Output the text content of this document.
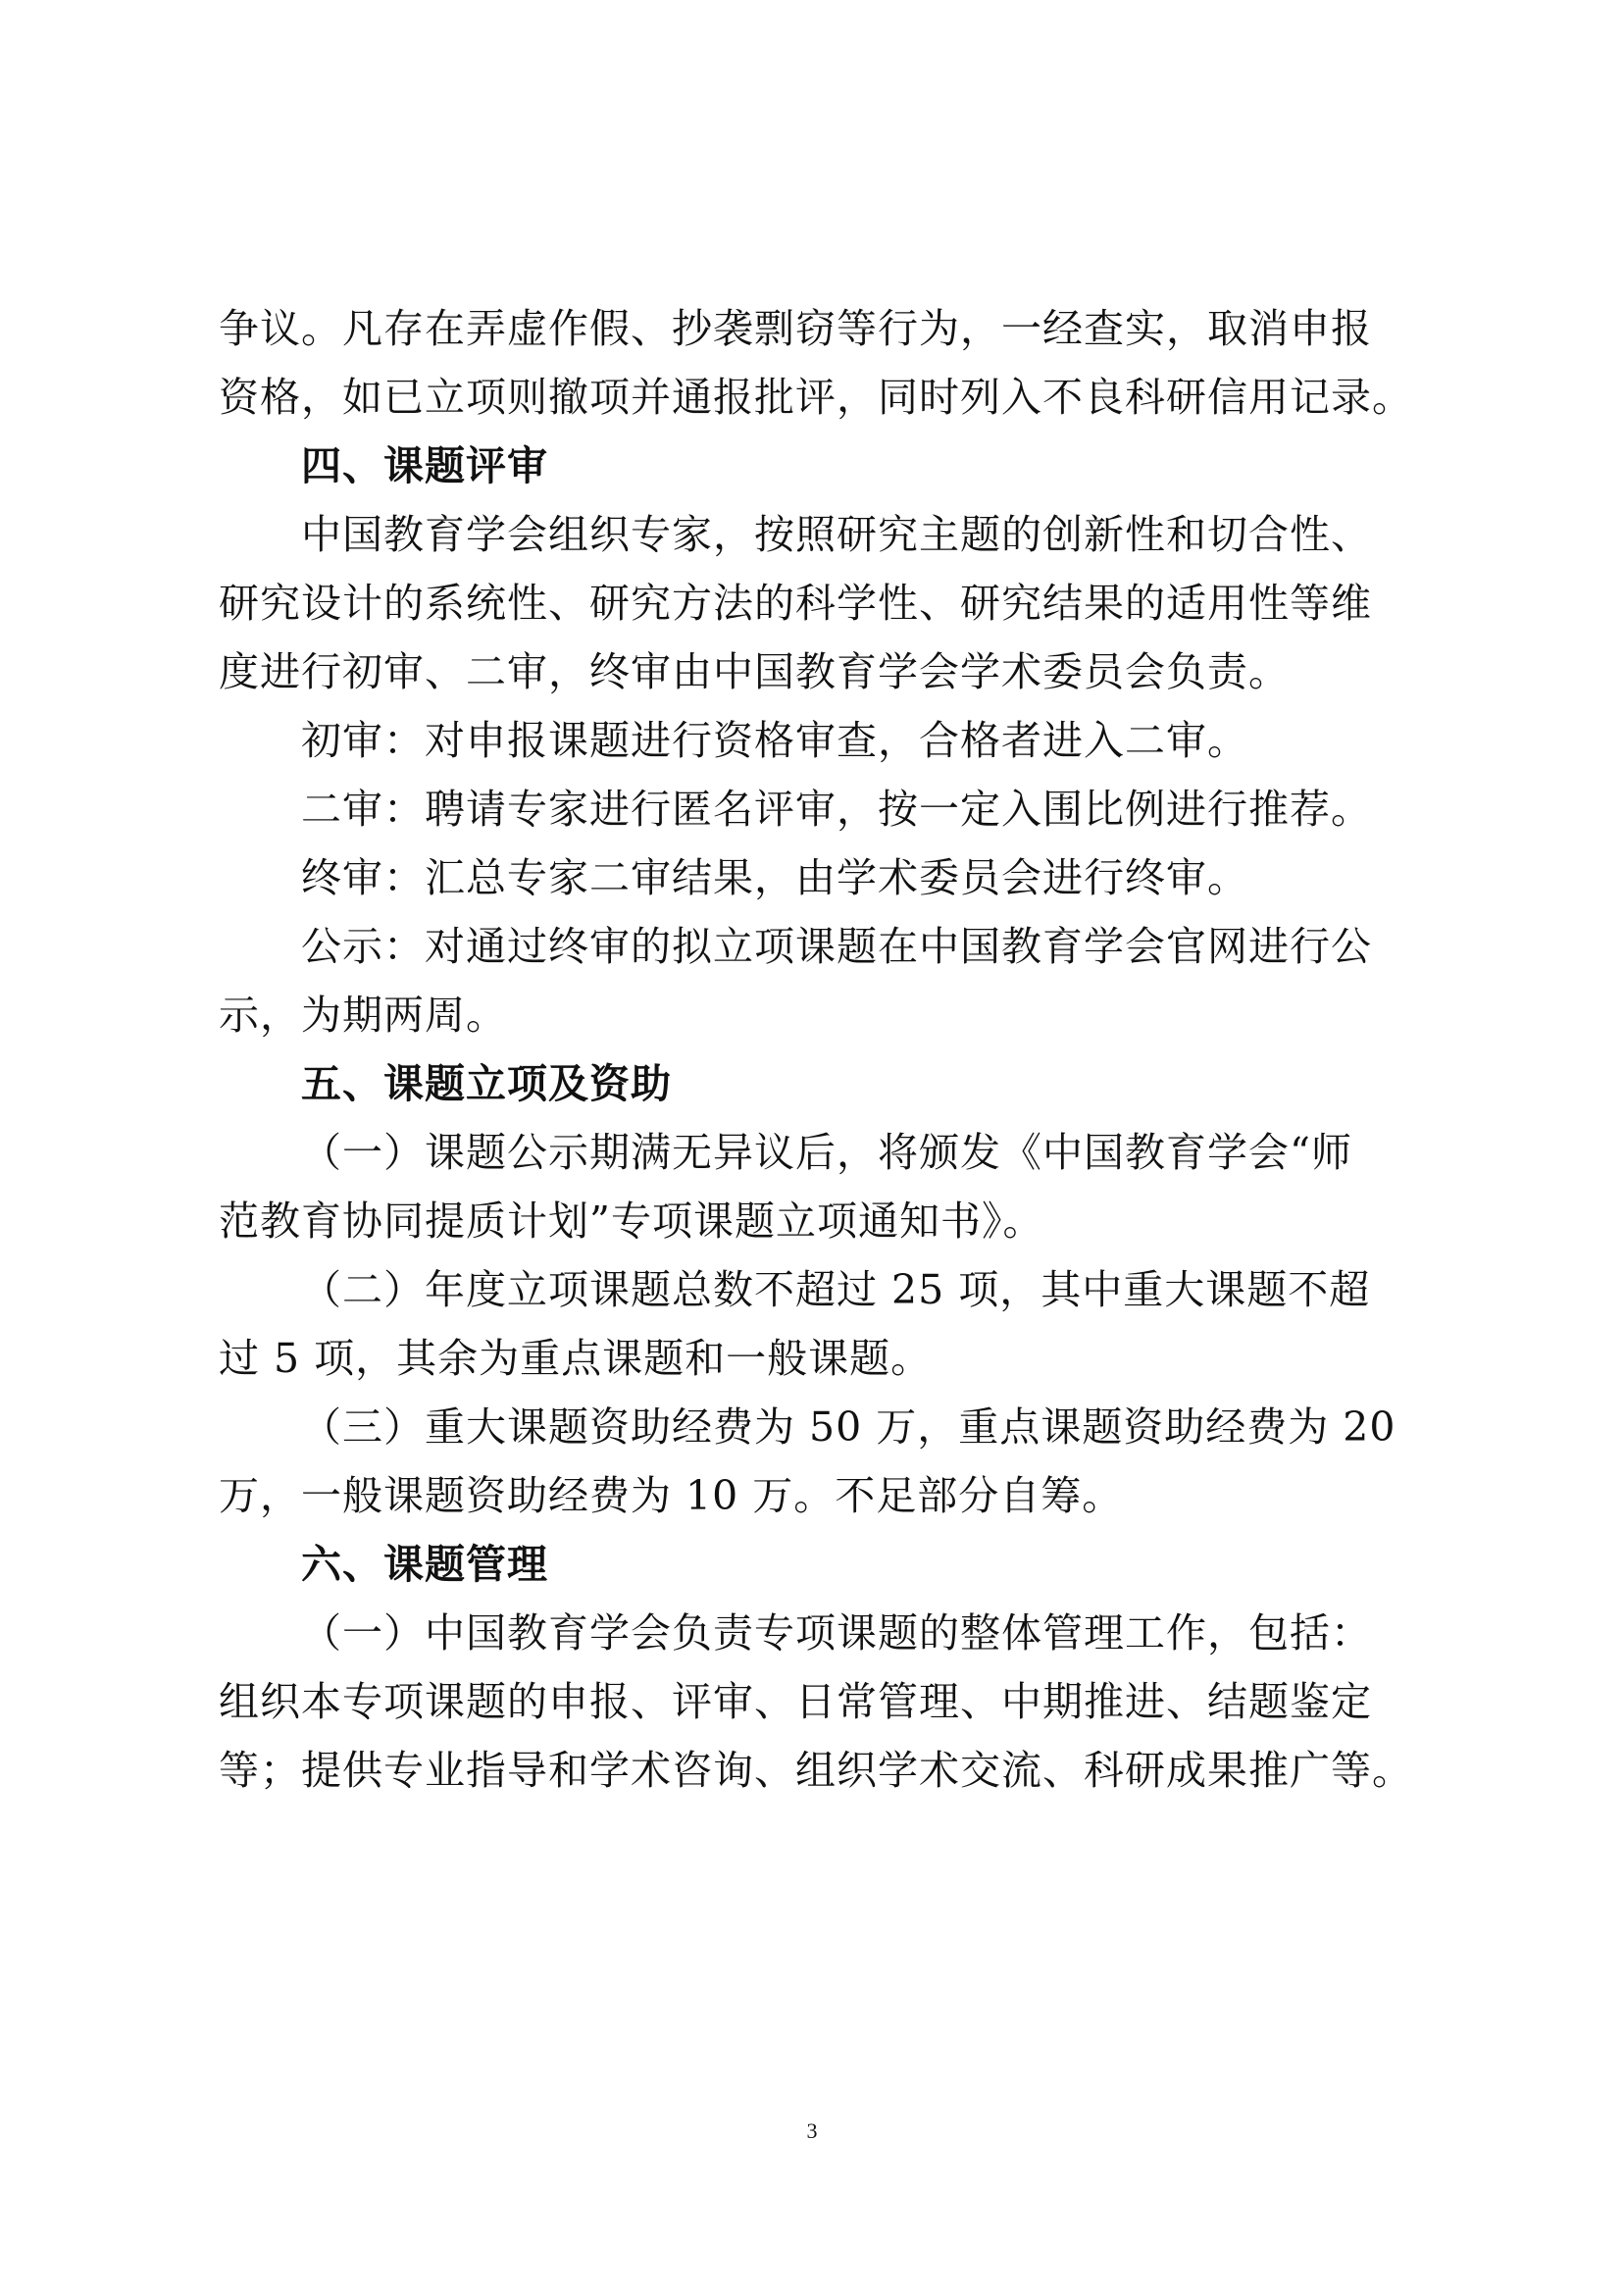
争议。凡存在弄虚作假、抄袭剽窃等行为，一经查实，取消申报
资格，如已立项则撤项并通报批评，同时列入不良科研信用记录。
四、课题评审
中国教育学会组织专家，按照研究主题的创新性和切合性、
研究设计的系统性、研究方法的科学性、研究结果的适用性等维
度进行初审、二审，终审由中国教育学会学术委员会负责。
初审：对申报课题进行资格审查，合格者进入二审。
二审：聘请专家进行匿名评审，按一定入围比例进行推荐。
终审：汇总专家二审结果，由学术委员会进行终审。
公示：对通过终审的拟立项课题在中国教育学会官网进行公
示，为期两周。
五、课题立项及资助
（一）课题公示期满无异议后，将颁发《中国教育学会“师
范教育协同提质计划”专项课题立项通知书》。
（二）年度立项课题总数不超过 25 项，其中重大课题不超
过 5 项，其余为重点课题和一般课题。
（三）重大课题资助经费为 50 万，重点课题资助经费为 20
万，一般课题资助经费为 10 万。不足部分自筹。
六、课题管理
（一）中国教育学会负责专项课题的整体管理工作，包括：
组织本专项课题的申报、评审、日常管理、中期推进、结题鉴定
等；提供专业指导和学术咨询、组织学术交流、科研成果推广等。
3
